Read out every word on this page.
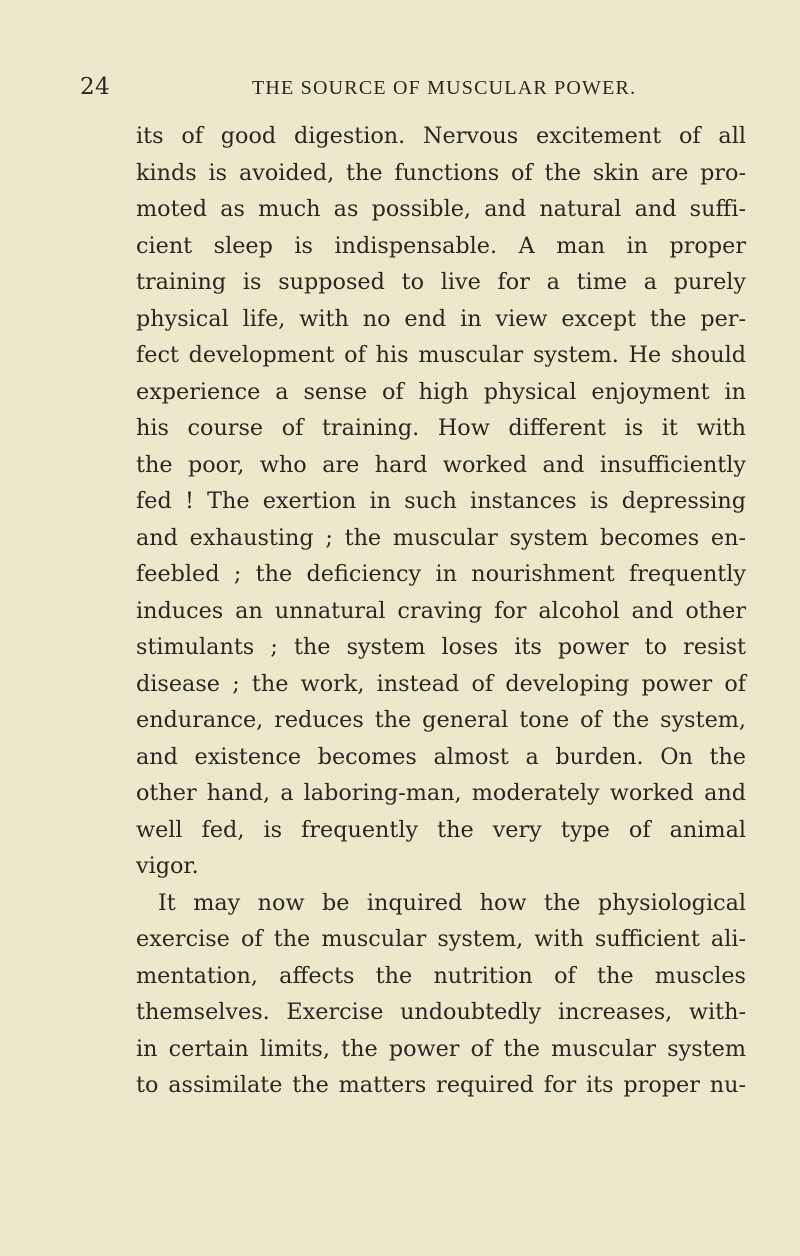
24	THE SOURCE OF MUSCULAR POWER.
its of good digestion. Nervous excitement of all
kinds is avoided, the functions of the skin are pro-
moted as much as possible, and natural and suffi-
cient sleep is indispensable. A man in proper
training is supposed to live for a time a purely
physical life, with no end in view except the per-
fect development of his muscular system. He should
experience a sense of high physical enjoyment in
his course of training. How different is it with
the poor, who are hard worked and insufficiently
fed ! The exertion in such instances is depressing
and exhausting ; the muscular system becomes en-
feebled ; the deficiency in nourishment frequently
induces an unnatural craving for alcohol and other
stimulants ; the system loses its power to resist
disease ; the work, instead of developing power of
endurance, reduces the general tone of the system,
and existence becomes almost a burden. On the
other hand, a laboring-man, moderately worked and
well fed, is frequently the very type of animal
vigor.
It may now be inquired how the physiological
exercise of the muscular system, with sufficient ali-
mentation, affects the nutrition of the muscles
themselves. Exercise undoubtedly increases, with-
in certain limits, the power of the muscular system
to assimilate the matters required for its proper nu-
